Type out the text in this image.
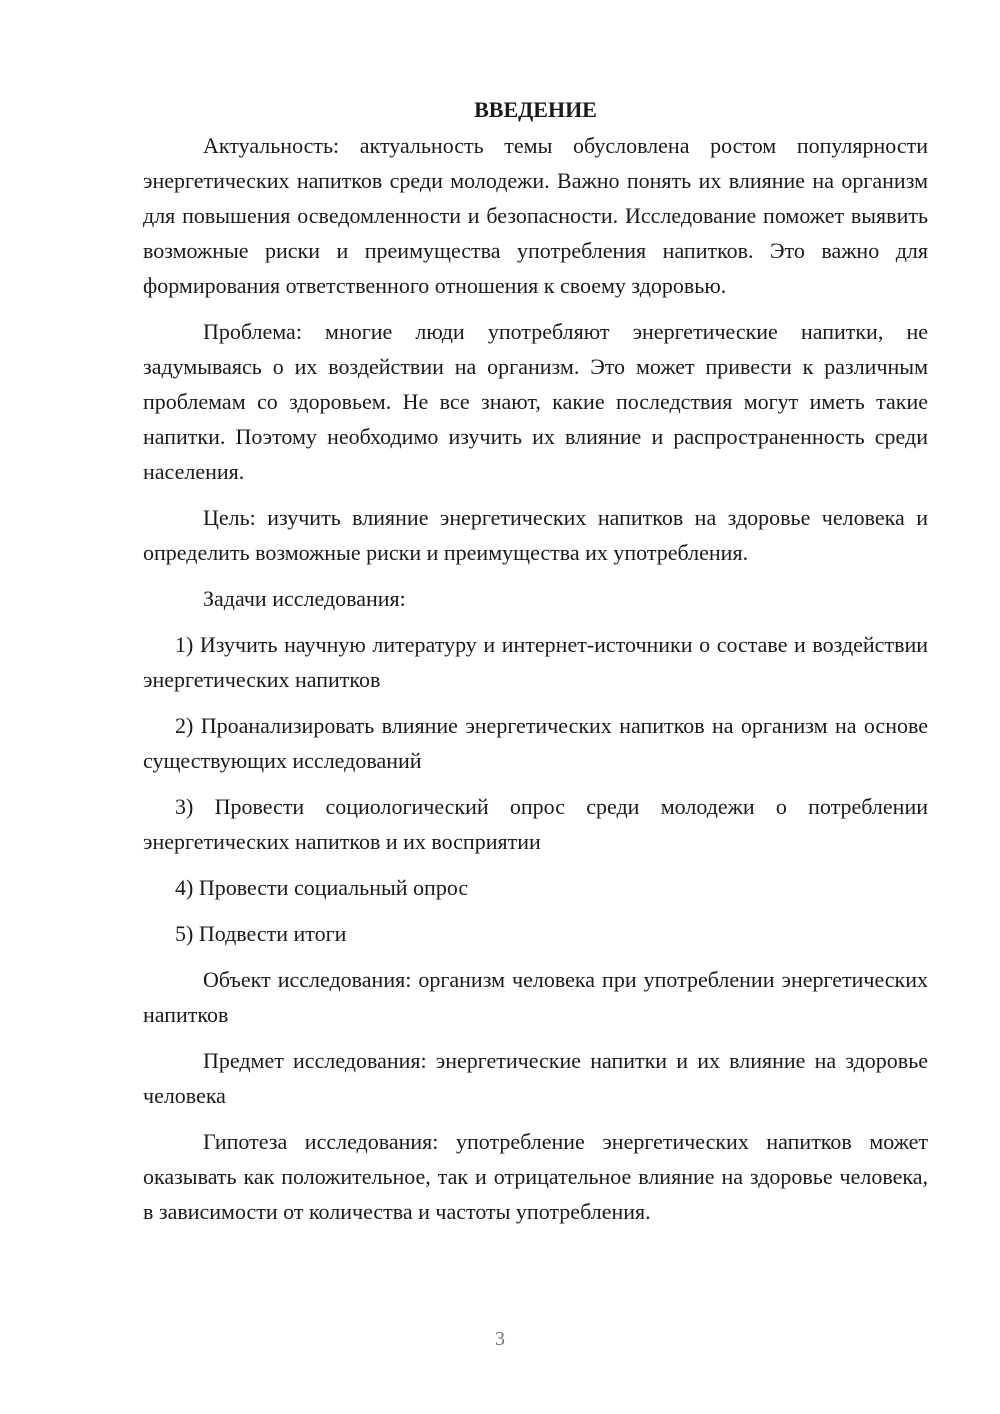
ВВЕДЕНИЕ

Актуальность: актуальность темы обусловлена ростом популярности энергетических напитков среди молодежи. Важно понять их влияние на организм для повышения осведомленности и безопасности. Исследование поможет выявить возможные риски и преимущества употребления напитков. Это важно для формирования ответственного отношения к своему здоровью.

Проблема: многие люди употребляют энергетические напитки, не задумываясь о их воздействии на организм. Это может привести к различным проблемам со здоровьем. Не все знают, какие последствия могут иметь такие напитки. Поэтому необходимо изучить их влияние и распространенность среди населения.

Цель: изучить влияние энергетических напитков на здоровье человека и определить возможные риски и преимущества их употребления.

Задачи исследования:

1) Изучить научную литературу и интернет-источники о составе и воздействии энергетических напитков

2) Проанализировать влияние энергетических напитков на организм на основе существующих исследований

3) Провести социологический опрос среди молодежи о потреблении энергетических напитков и их восприятии

4) Провести социальный опрос

5) Подвести итоги

Объект исследования: организм человека при употреблении энергетических напитков

Предмет исследования: энергетические напитки и их влияние на здоровье человека

Гипотеза исследования: употребление энергетических напитков может оказывать как положительное, так и отрицательное влияние на здоровье человека, в зависимости от количества и частоты употребления.

3
